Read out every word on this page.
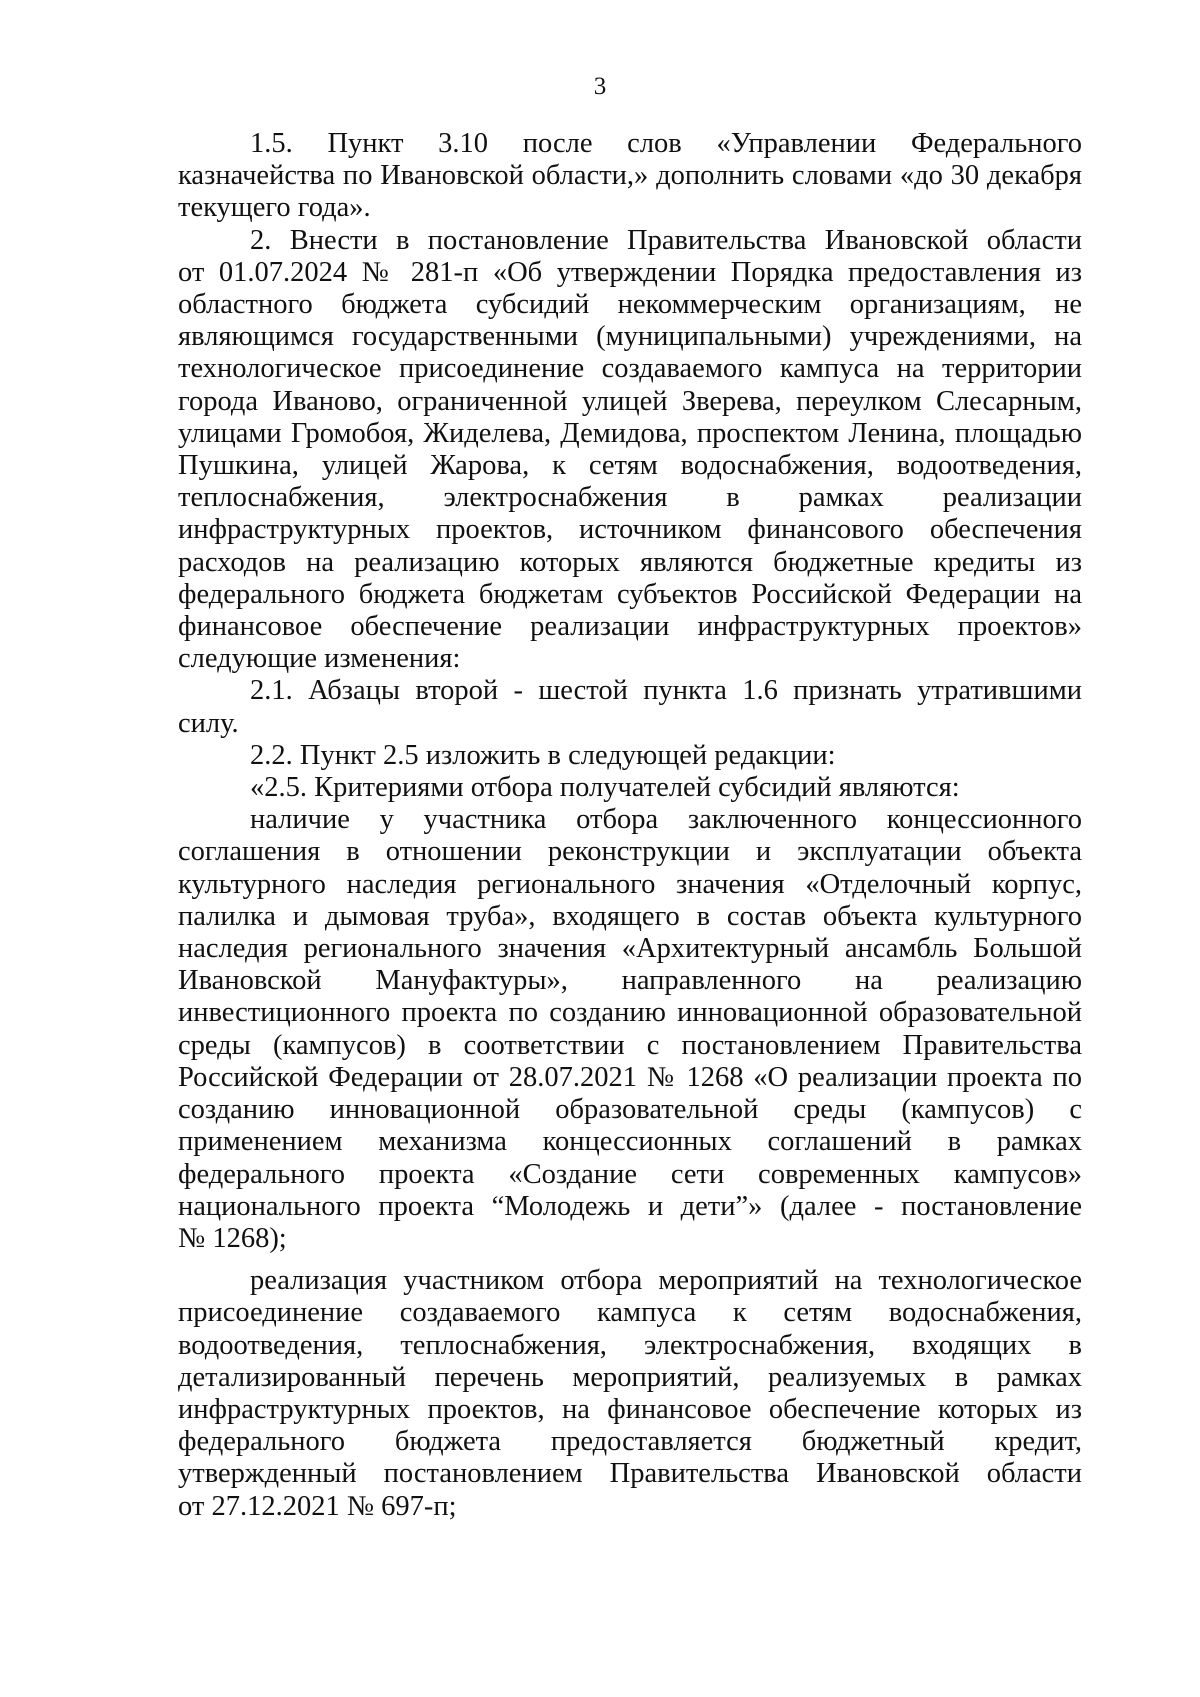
3

1.5. Пункт 3.10 после слов «Управлении Федерального
казначейства по Ивановской области,» дополнить словами «до 30 декабря
текущего года».

2. Внести в постановление Правительства Ивановской области
от 01.07.2024 № 281-п «Об утверждении Порядка предоставления из
областного бюджета субсидий некоммерческим организациям, не
являющимся государственными (муниципальными) учреждениями, на
технологическое присоединение создаваемого кампуса на территории
города Иваново, ограниченной улицей Зверева, переулком Слесарным,
улицами Громобоя, Жиделева, Демидова, проспектом Ленина, площадью
Пушкина, улицей Жарова, к сетям водоснабжения, водоотведения,
теплоснабжения, электроснабжения в рамках реализации
инфраструктурных проектов, источником финансового обеспечения
расходов на реализацию которых являются бюджетные кредиты из
федерального бюджета бюджетам субъектов Российской Федерации на
финансовое обеспечение реализации инфраструктурных проектов»
следующие изменения:

2.1. Абзацы второй - шестой пункта 1.6 признать утратившими
силу.

2.2. Пункт 2.5 изложить в следующей редакции:

«2.5. Критериями отбора получателей субсидий являются:

наличие у участника отбора заключенного концессионного
соглашения в отношении реконструкции и эксплуатации объекта
культурного наследия регионального значения «Отделочный корпус,
палилка и дымовая труба», входящего в состав объекта культурного
наследия регионального значения «Архитектурный ансамбль Большой
Ивановской Мануфактуры», направленного на реализацию
инвестиционного проекта по созданию инновационной образовательной
среды (кампусов) в соответствии с постановлением Правительства
Российской Федерации от 28.07.2021 № 1268 «О реализации проекта по
созданию инновационной образовательной среды (кампусов) с
применением механизма концессионных соглашений в рамках
федерального проекта «Создание сети современных кампусов»
национального проекта “Молодежь и дети”» (далее - постановление
№ 1268);

реализация участником отбора мероприятий на технологическое
присоединение создаваемого кампуса к сетям водоснабжения,
водоотведения, теплоснабжения, электроснабжения, входящих в
детализированный перечень мероприятий, реализуемых в рамках
инфраструктурных проектов, на финансовое обеспечение которых из
федерального бюджета предоставляется бюджетный кредит,
утвержденный постановлением Правительства Ивановской области
от 27.12.2021 № 697-п;
